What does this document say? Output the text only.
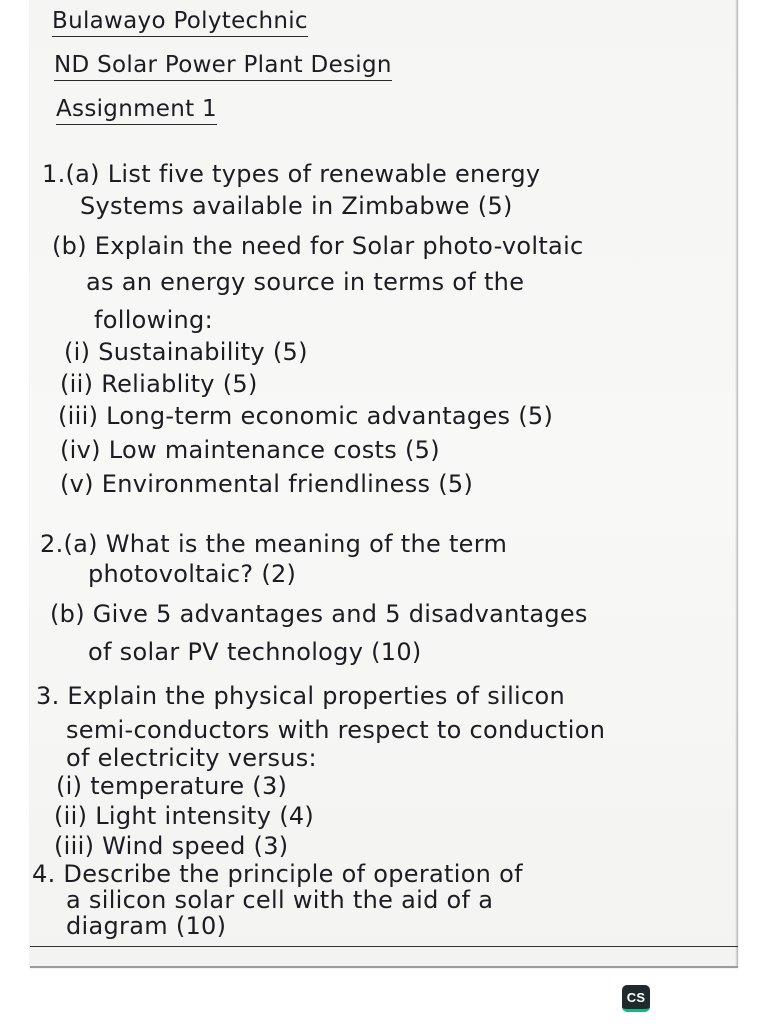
Bulawayo Polytechnic
ND Solar Power Plant Design
Assignment 1
1.(a) List five types of renewable energy
Systems available in Zimbabwe (5)
(b) Explain the need for Solar photo-voltaic
as an energy source in terms of the
following:
(i) Sustainability (5)
(ii) Reliablity (5)
(iii) Long-term economic advantages (5)
(iv) Low maintenance costs (5)
(v) Environmental friendliness (5)
2.(a) What is the meaning of the term
photovoltaic? (2)
(b) Give 5 advantages and 5 disadvantages
of solar PV technology (10)
3. Explain the physical properties of silicon
semi-conductors with respect to conduction
of electricity versus:
(i) temperature (3)
(ii) Light intensity (4)
(iii) Wind speed (3)
4. Describe the principle of operation of
a silicon solar cell with the aid of a
diagram (10)
CS
